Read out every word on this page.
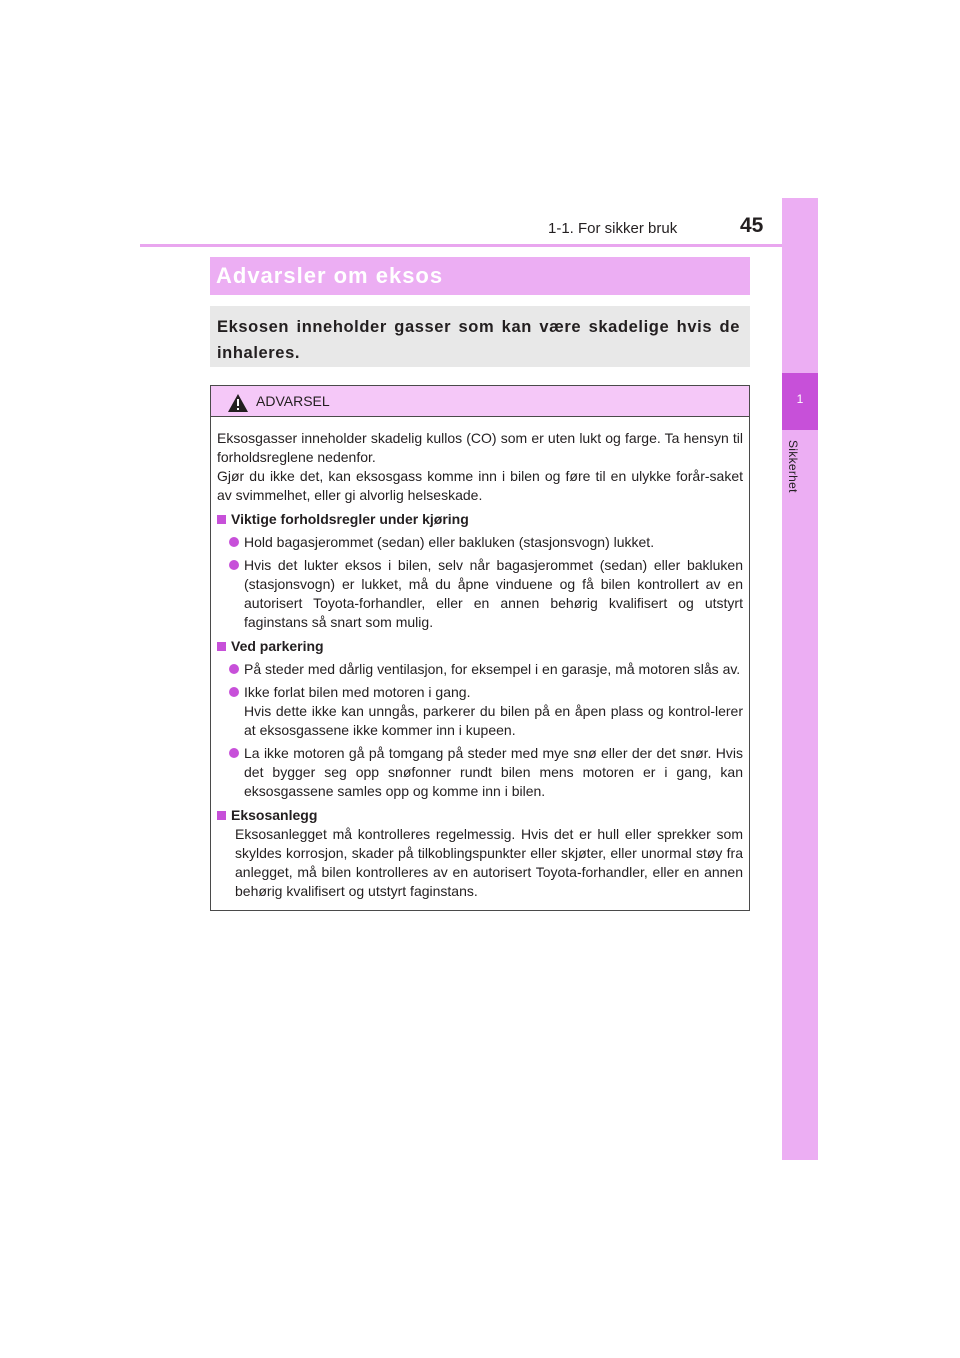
1-1. For sikker bruk	45
1
Sikkerhet
Advarsler om eksos
Eksosen inneholder gasser som kan være skadelige hvis de inhaleres.
ADVARSEL

Eksosgasser inneholder skadelig kullos (CO) som er uten lukt og farge. Ta hensyn til forholdsreglene nedenfor.

Gjør du ikke det, kan eksosgass komme inn i bilen og føre til en ulykke forår-saket av svimmelhet, eller gi alvorlig helseskade.

Viktige forholdsregler under kjøring
Hold bagasjerommet (sedan) eller bakluken (stasjonsvogn) lukket.
Hvis det lukter eksos i bilen, selv når bagasjerommet (sedan) eller bakluken (stasjonsvogn) er lukket, må du åpne vinduene og få bilen kontrollert av en autorisert Toyota-forhandler, eller en annen behørig kvalifisert og utstyrt faginstans så snart som mulig.
Ved parkering
På steder med dårlig ventilasjon, for eksempel i en garasje, må motoren slås av.
Ikke forlat bilen med motoren i gang.
Hvis dette ikke kan unngås, parkerer du bilen på en åpen plass og kontrol-lerer at eksosgassene ikke kommer inn i kupeen.
La ikke motoren gå på tomgang på steder med mye snø eller der det snør. Hvis det bygger seg opp snøfonner rundt bilen mens motoren er i gang, kan eksosgassene samles opp og komme inn i bilen.
Eksosanlegg

Eksosanlegget må kontrolleres regelmessig. Hvis det er hull eller sprekker som skyldes korrosjon, skader på tilkoblingspunkter eller skjøter, eller unormal støy fra anlegget, må bilen kontrolleres av en autorisert Toyota-forhandler, eller en annen behørig kvalifisert og utstyrt faginstans.
